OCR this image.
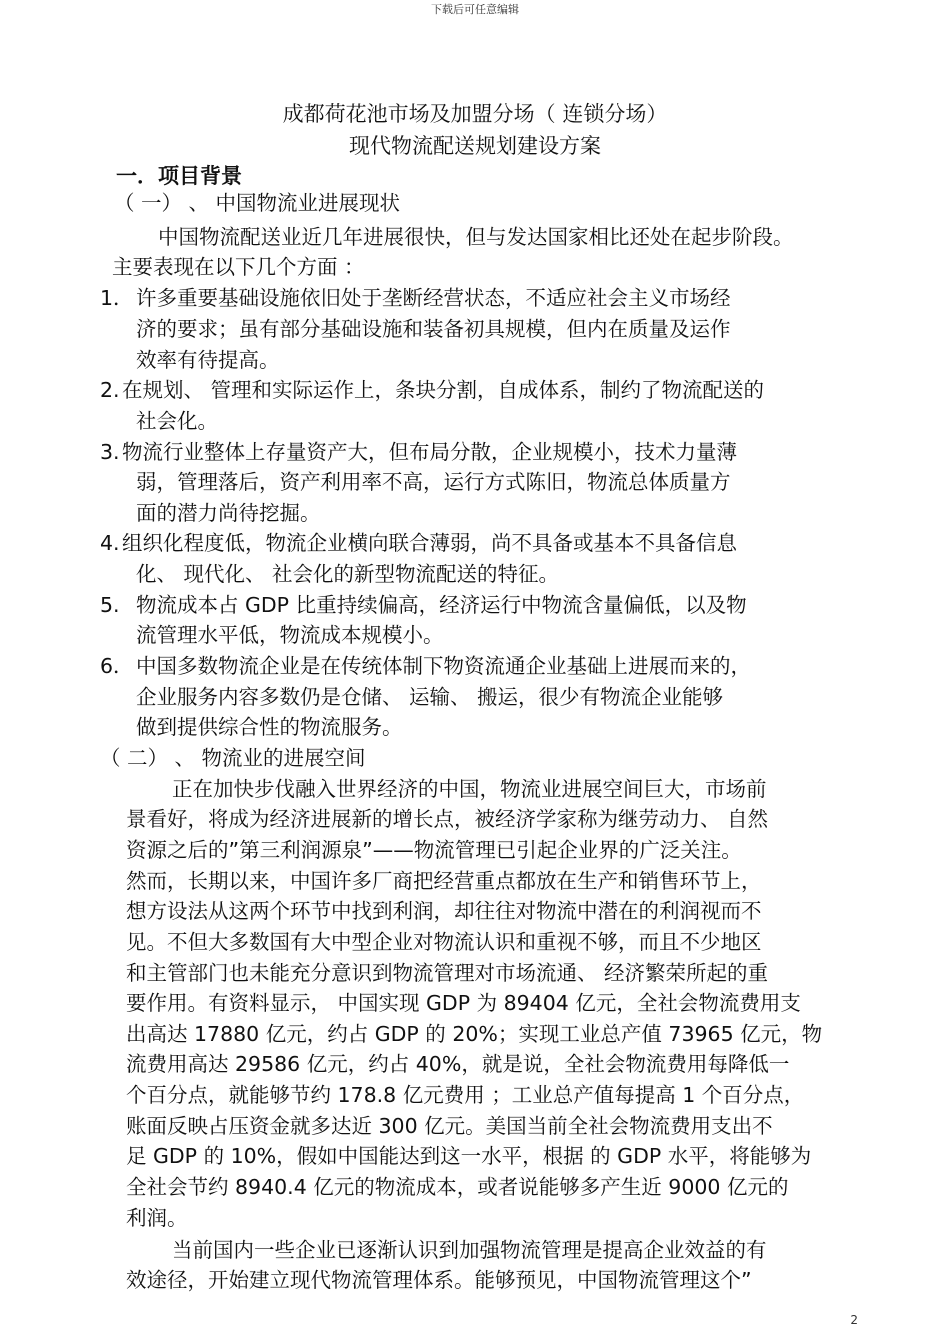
下载后可任意编辑
成都荷花池市场及加盟分场（ 连锁分场）
现代物流配送规划建设方案
一．项目背景
（ 一） 、 中国物流业进展现状
中国物流配送业近几年进展很快，但与发达国家相比还处在起步阶段。
主要表现在以下几个方面 ：
1． 许多重要基础设施依旧处于垄断经营状态，不适应社会主义市场经
济的要求；虽有部分基础设施和装备初具规模，但内在质量及运作
效率有待提高。
2. 在规划、 管理和实际运作上，条块分割，自成体系，制约了物流配送的
社会化。
3. 物流行业整体上存量资产大，但布局分散，企业规模小，技术力量薄
弱，管理落后，资产利用率不高，运行方式陈旧，物流总体质量方
面的潜力尚待挖掘。
4. 组织化程度低，物流企业横向联合薄弱，尚不具备或基本不具备信息
化、 现代化、 社会化的新型物流配送的特征。
5. 物流成本占 GDP 比重持续偏高，经济运行中物流含量偏低，以及物
流管理水平低，物流成本规模小。
6． 中国多数物流企业是在传统体制下物资流通企业基础上进展而来的，
企业服务内容多数仍是仓储、 运输、 搬运，很少有物流企业能够
做到提供综合性的物流服务。
（ 二） 、 物流业的进展空间
正在加快步伐融入世界经济的中国，物流业进展空间巨大，市场前
景看好，将成为经济进展新的增长点，被经济学家称为继劳动力、 自然
资源之后的”第三利润源泉”——物流管理已引起企业界的广泛关注。
然而，长期以来，中国许多厂商把经营重点都放在生产和销售环节上，
想方设法从这两个环节中找到利润，却往往对物流中潜在的利润视而不
见。不但大多数国有大中型企业对物流认识和重视不够，而且不少地区
和主管部门也未能充分意识到物流管理对市场流通、 经济繁荣所起的重
要作用。有资料显示， 中国实现 GDP 为 89404 亿元，全社会物流费用支
出高达 17880 亿元，约占 GDP 的 20%；实现工业总产值 73965 亿元，物
流费用高达 29586 亿元，约占 40%，就是说，全社会物流费用每降低一
个百分点，就能够节约 178.8 亿元费用 ；工业总产值每提高 1 个百分点，
账面反映占压资金就多达近 300 亿元。美国当前全社会物流费用支出不
足 GDP 的 10%，假如中国能达到这一水平，根据 的 GDP 水平，将能够为
全社会节约 8940.4 亿元的物流成本，或者说能够多产生近 9000 亿元的
利润。
当前国内一些企业已逐渐认识到加强物流管理是提高企业效益的有
效途径，开始建立现代物流管理体系。能够预见，中国物流管理这个”
2
